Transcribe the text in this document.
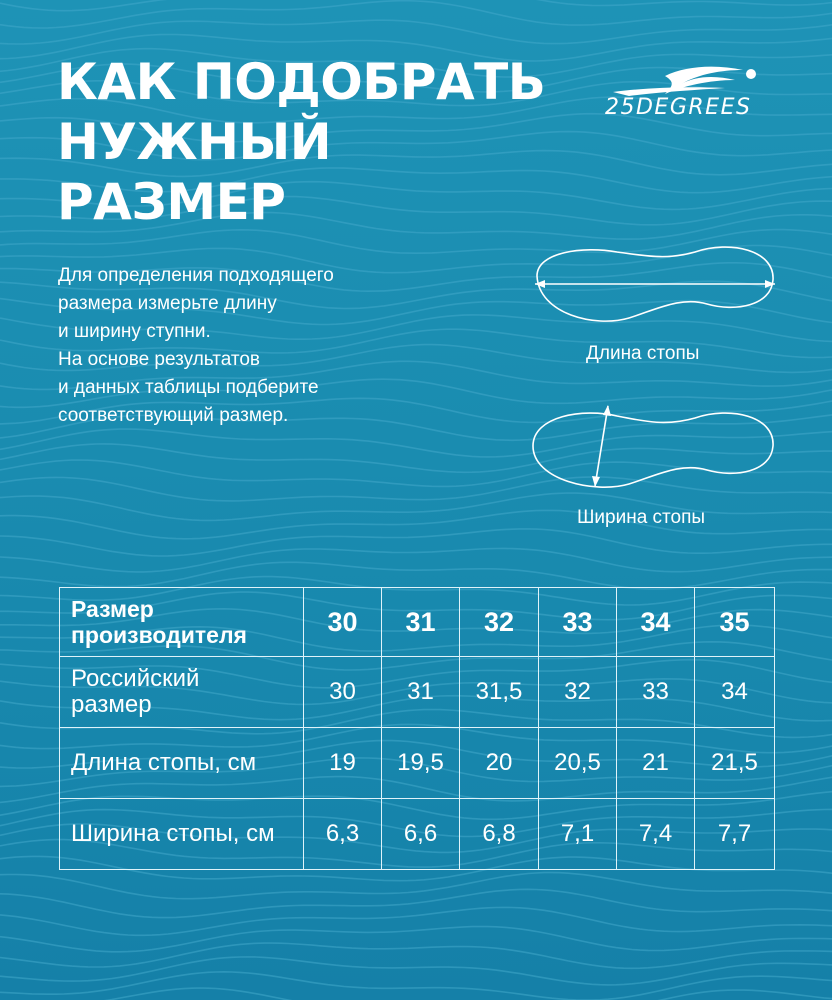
КАК ПОДОБРАТЬ
НУЖНЫЙ
РАЗМЕР
25DEGREES
Для определения подходящего
размера измерьте длину
и ширину ступни.
На основе результатов
и данных таблицы подберите
соответствующий размер.
Длина стопы
Ширина стопы
Размер
производителя	30	31	32	33	34	35
Российский
размер	30	31	31,5	32	33	34
Длина стопы, см	19	19,5	20	20,5	21	21,5
Ширина стопы, см	6,3	6,6	6,8	7,1	7,4	7,7
